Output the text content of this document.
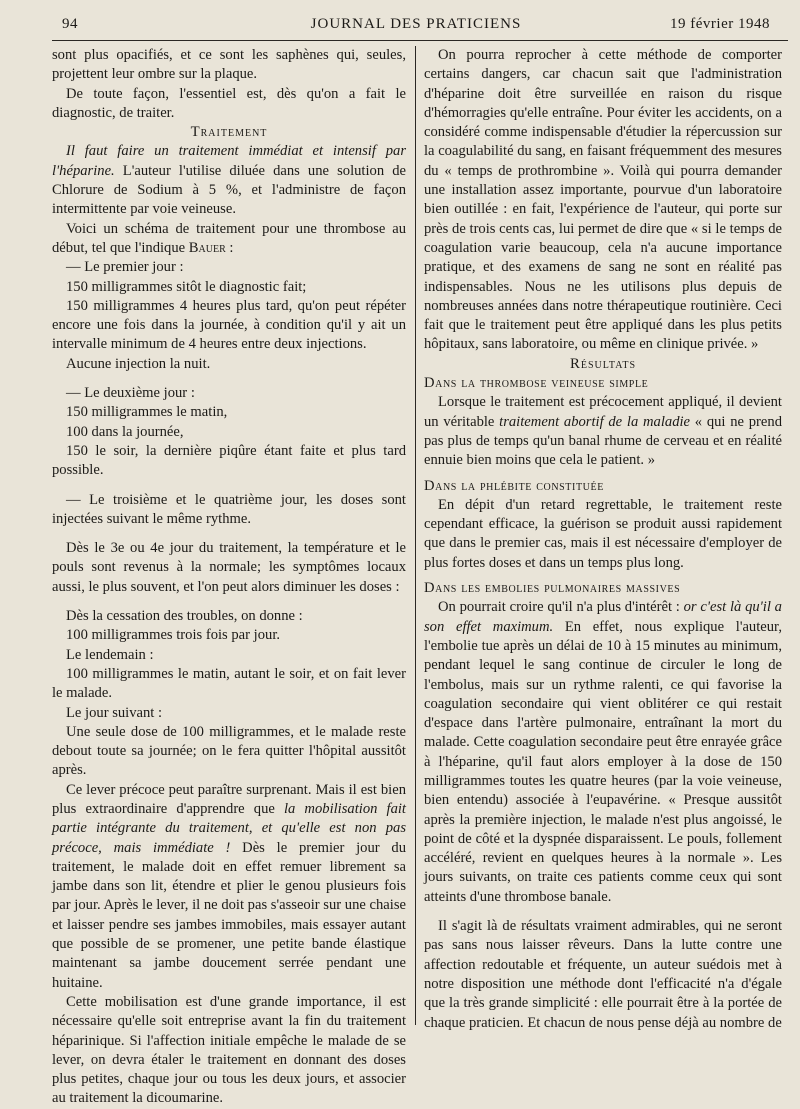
94	JOURNAL DES PRATICIENS	19 février 1948

sont plus opacifiés, et ce sont les saphènes qui, seules, projettent leur ombre sur la plaque.

De toute façon, l'essentiel est, dès qu'on a fait le diagnostic, de traiter.

Traitement

Il faut faire un traitement immédiat et intensif par l'héparine. L'auteur l'utilise diluée dans une solution de Chlorure de Sodium à 5 %, et l'administre de façon intermittente par voie veineuse.

Voici un schéma de traitement pour une thrombose au début, tel que l'indique Bauer :

— Le premier jour :

150 milligrammes sitôt le diagnostic fait;

150 milligrammes 4 heures plus tard, qu'on peut répéter encore une fois dans la journée, à condition qu'il y ait un intervalle minimum de 4 heures entre deux injections.

Aucune injection la nuit.

— Le deuxième jour :

150 milligrammes le matin,

100 dans la journée,

150 le soir, la dernière piqûre étant faite et plus tard possible.

— Le troisième et le quatrième jour, les doses sont injectées suivant le même rythme.

Dès le 3e ou 4e jour du traitement, la température et le pouls sont revenus à la normale; les symptômes locaux aussi, le plus souvent, et l'on peut alors diminuer les doses :

Dès la cessation des troubles, on donne :

100 milligrammes trois fois par jour.

Le lendemain :

100 milligrammes le matin, autant le soir, et on fait lever le malade.

Le jour suivant :

Une seule dose de 100 milligrammes, et le malade reste debout toute sa journée; on le fera quitter l'hôpital aussitôt après.

Ce lever précoce peut paraître surprenant. Mais il est bien plus extraordinaire d'apprendre que la mobilisation fait partie intégrante du traitement, et qu'elle est non pas précoce, mais immédiate ! Dès le premier jour du traitement, le malade doit en effet remuer librement sa jambe dans son lit, étendre et plier le genou plusieurs fois par jour. Après le lever, il ne doit pas s'asseoir sur une chaise et laisser pendre ses jambes immobiles, mais essayer autant que possible de se promener, une petite bande élastique maintenant sa jambe doucement serrée pendant une huitaine.

Cette mobilisation est d'une grande importance, il est nécessaire qu'elle soit entreprise avant la fin du traitement héparinique. Si l'affection initiale empêche le malade de se lever, on devra étaler le traitement en donnant des doses plus petites, chaque jour ou tous les deux jours, et associer au traitement la dicoumarine.

On pourra reprocher à cette méthode de comporter certains dangers, car chacun sait que l'administration d'héparine doit être surveillée en raison du risque d'hémorragies qu'elle entraîne. Pour éviter les accidents, on a considéré comme indispensable d'étudier la répercussion sur la coagulabilité du sang, en faisant fréquemment des mesures du « temps de prothrombine ». Voilà qui pourra demander une installation assez importante, pourvue d'un laboratoire bien outillée : en fait, l'expérience de l'auteur, qui porte sur près de trois cents cas, lui permet de dire que « si le temps de coagulation varie beaucoup, cela n'a aucune importance pratique, et des examens de sang ne sont en réalité pas indispensables. Nous ne les utilisons plus depuis de nombreuses années dans notre thérapeutique routinière. Ceci fait que le traitement peut être appliqué dans les plus petits hôpitaux, sans laboratoire, ou même en clinique privée. »

Résultats

Dans la thrombose veineuse simple

Lorsque le traitement est précocement appliqué, il devient un véritable traitement abortif de la maladie « qui ne prend pas plus de temps qu'un banal rhume de cerveau et en réalité ennuie bien moins que cela le patient. »

Dans la phlébite constituée

En dépit d'un retard regrettable, le traitement reste cependant efficace, la guérison se produit aussi rapidement que dans le premier cas, mais il est nécessaire d'employer de plus fortes doses et dans un temps plus long.

Dans les embolies pulmonaires massives

On pourrait croire qu'il n'a plus d'intérêt : or c'est là qu'il a son effet maximum. En effet, nous explique l'auteur, l'embolie tue après un délai de 10 à 15 minutes au minimum, pendant lequel le sang continue de circuler le long de l'embolus, mais sur un rythme ralenti, ce qui favorise la coagulation secondaire qui vient oblitérer ce qui restait d'espace dans l'artère pulmonaire, entraînant la mort du malade. Cette coagulation secondaire peut être enrayée grâce à l'héparine, qu'il faut alors employer à la dose de 150 milligrammes toutes les quatre heures (par la voie veineuse, bien entendu) associée à l'eupavérine. « Presque aussitôt après la première injection, le malade n'est plus angoissé, le point de côté et la dyspnée disparaissent. Le pouls, follement accéléré, revient en quelques heures à la normale ». Les jours suivants, on traite ces patients comme ceux qui sont atteints d'une thrombose banale.

Il s'agit là de résultats vraiment admirables, qui ne seront pas sans nous laisser rêveurs. Dans la lutte contre une affection redoutable et fréquente, un auteur suédois met à notre disposition une méthode dont l'efficacité n'a d'égale que la très grande simplicité : elle pourrait être à la portée de chaque praticien. Et chacun de nous pense déjà au nombre de
